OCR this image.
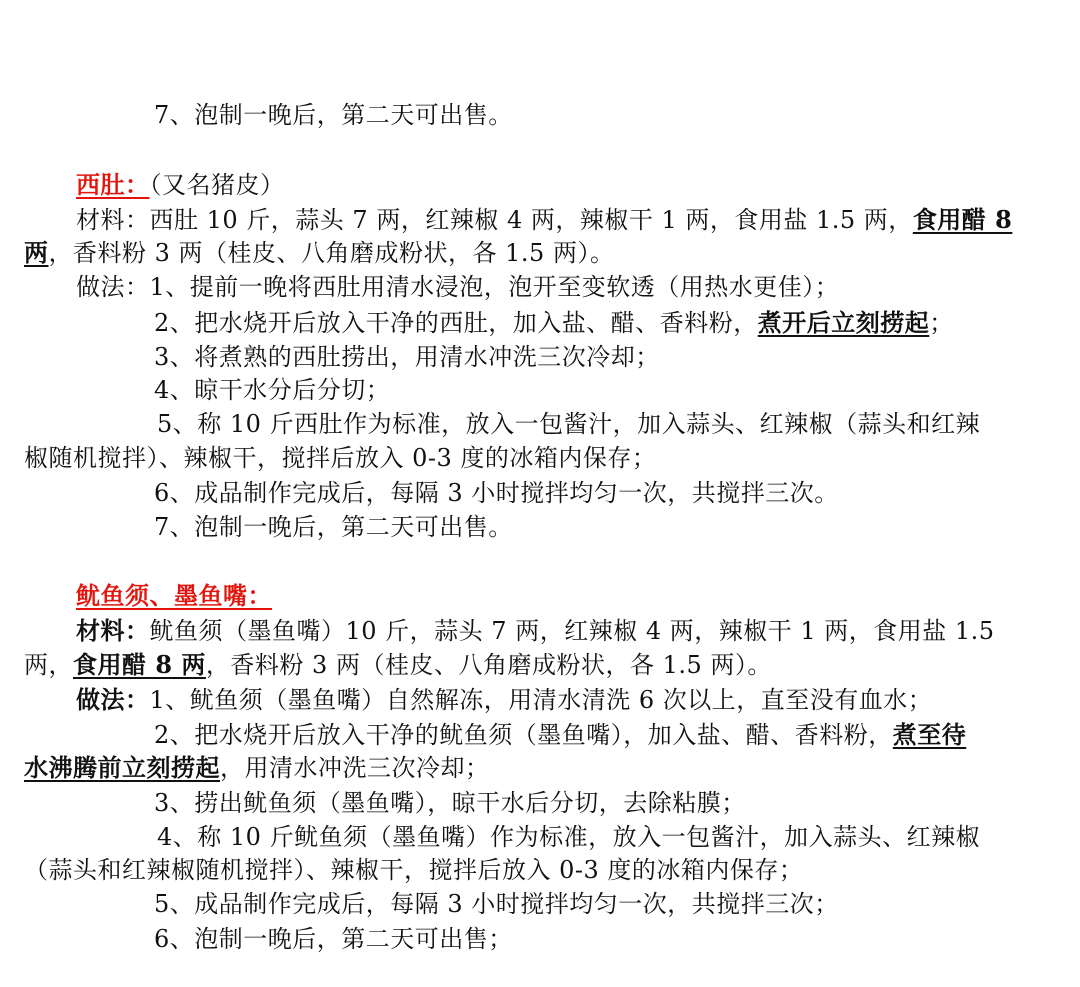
7、泡制一晚后，第二天可出售。
西肚：（又名猪皮）
材料：西肚 10 斤，蒜头 7 两，红辣椒 4 两，辣椒干 1 两，食用盐 1.5 两，食用醋 8
两，香料粉 3 两（桂皮、八角磨成粉状，各 1.5 两）。
做法：1、提前一晚将西肚用清水浸泡，泡开至变软透（用热水更佳）；
2、把水烧开后放入干净的西肚，加入盐、醋、香料粉，煮开后立刻捞起；
3、将煮熟的西肚捞出，用清水冲洗三次冷却；
4、晾干水分后分切；
5、称 10 斤西肚作为标准，放入一包酱汁，加入蒜头、红辣椒（蒜头和红辣
椒随机搅拌）、辣椒干，搅拌后放入 0-3 度的冰箱内保存；
6、成品制作完成后，每隔 3 小时搅拌均匀一次，共搅拌三次。
7、泡制一晚后，第二天可出售。
鱿鱼须、墨鱼嘴：
材料：鱿鱼须（墨鱼嘴）10 斤，蒜头 7 两，红辣椒 4 两，辣椒干 1 两，食用盐 1.5
两，食用醋 8 两，香料粉 3 两（桂皮、八角磨成粉状，各 1.5 两）。
做法：1、鱿鱼须（墨鱼嘴）自然解冻，用清水清洗 6 次以上，直至没有血水；
2、把水烧开后放入干净的鱿鱼须（墨鱼嘴），加入盐、醋、香料粉，煮至待
水沸腾前立刻捞起，用清水冲洗三次冷却；
3、捞出鱿鱼须（墨鱼嘴），晾干水后分切，去除粘膜；
4、称 10 斤鱿鱼须（墨鱼嘴）作为标准，放入一包酱汁，加入蒜头、红辣椒
（蒜头和红辣椒随机搅拌）、辣椒干，搅拌后放入 0-3 度的冰箱内保存；
5、成品制作完成后，每隔 3 小时搅拌均匀一次，共搅拌三次；
6、泡制一晚后，第二天可出售；
